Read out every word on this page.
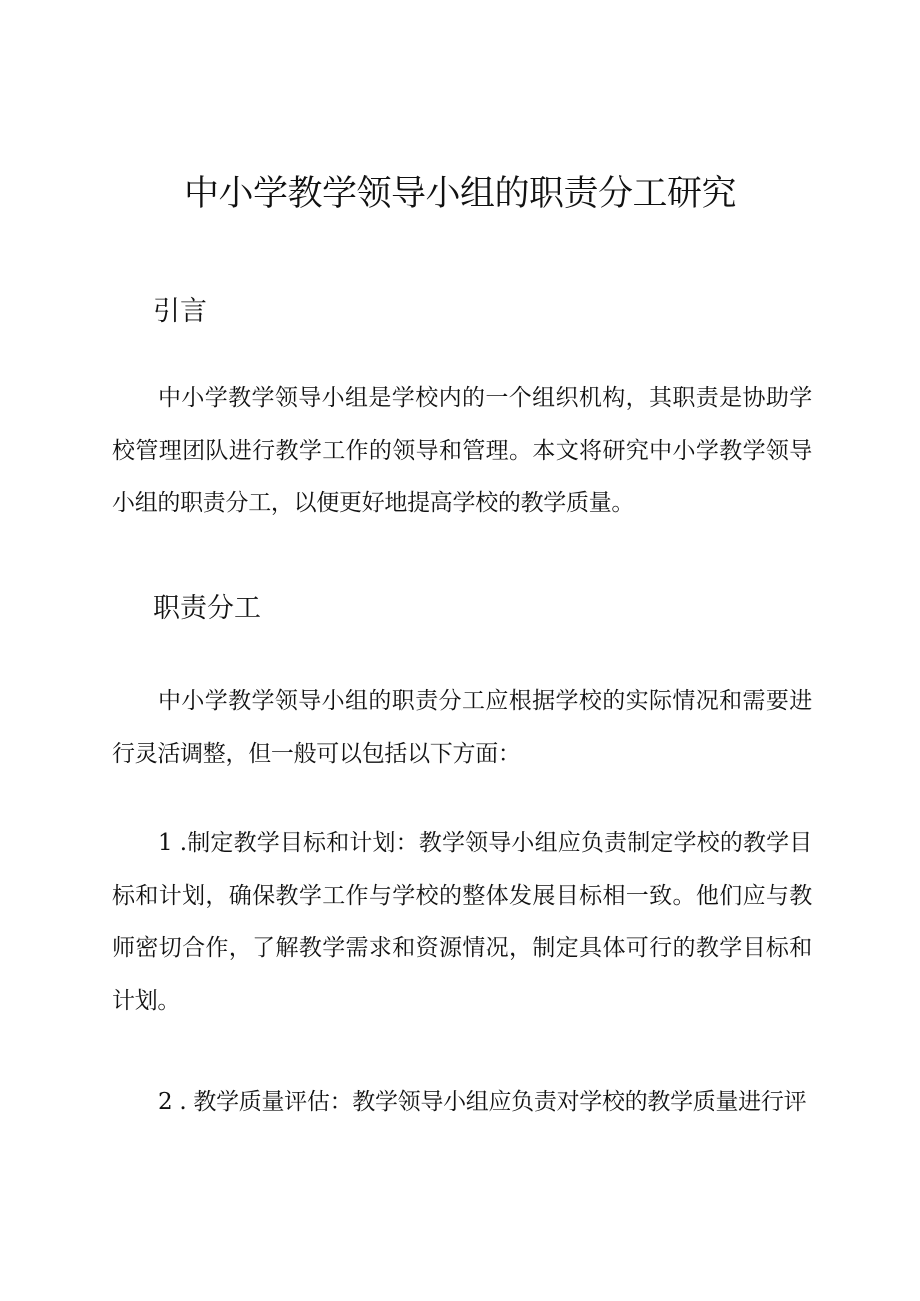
中小学教学领导小组的职责分工研究
引言

中小学教学领导小组是学校内的一个组织机构，其职责是协助学校管理团队进行教学工作的领导和管理。本文将研究中小学教学领导小组的职责分工，以便更好地提高学校的教学质量。

职责分工

中小学教学领导小组的职责分工应根据学校的实际情况和需要进行灵活调整，但一般可以包括以下方面：

1 .制定教学目标和计划：教学领导小组应负责制定学校的教学目标和计划，确保教学工作与学校的整体发展目标相一致。他们应与教师密切合作，了解教学需求和资源情况，制定具体可行的教学目标和计划。

2 . 教学质量评估：教学领导小组应负责对学校的教学质量进行评
